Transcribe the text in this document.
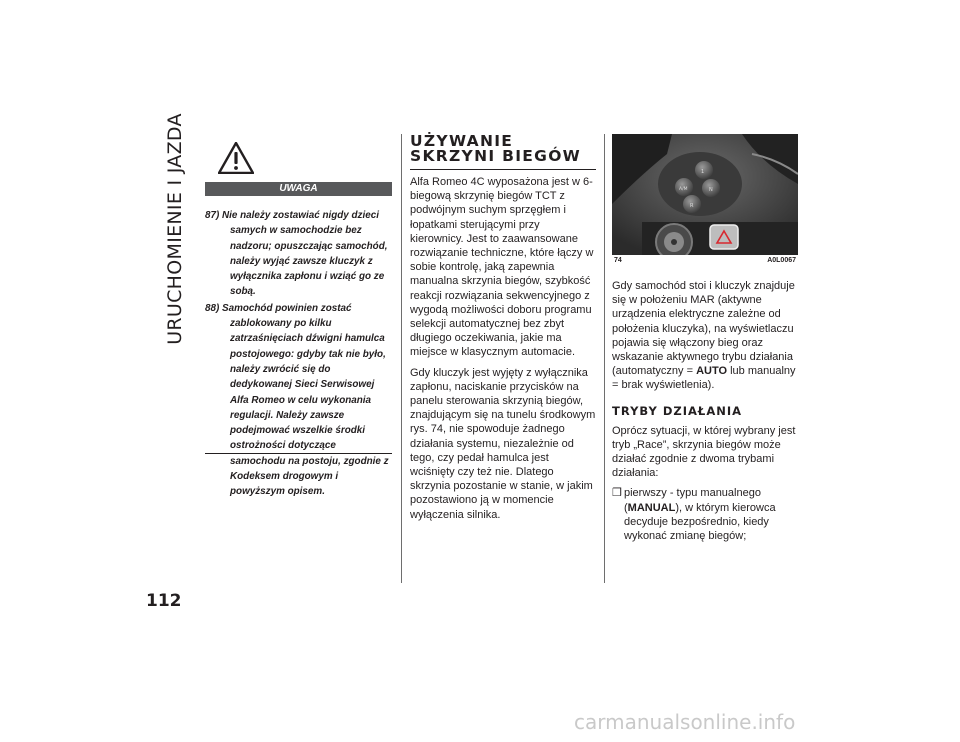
URUCHOMIENIE I JAZDA
112
UWAGA
87) Nie należy zostawiać nigdy dzieci samych w samochodzie bez nadzoru; opuszczając samochód, należy wyjąć zawsze kluczyk z wyłącznika zapłonu i wziąć go ze sobą.
88) Samochód powinien zostać zablokowany po kilku zatrzaśnięciach dźwigni hamulca postojowego: gdyby tak nie było, należy zwrócić się do dedykowanej Sieci Serwisowej Alfa Romeo w celu wykonania regulacji. Należy zawsze podejmować wszelkie środki ostrożności dotyczące samochodu na postoju, zgodnie z Kodeksem drogowym i powyższym opisem.
UŻYWANIE SKRZYNI BIEGÓW

Alfa Romeo 4C wyposażona jest w 6-biegową skrzynię biegów TCT z podwójnym suchym sprzęgłem i łopatkami sterującymi przy kierownicy. Jest to zaawansowane rozwiązanie techniczne, które łączy w sobie kontrolę, jaką zapewnia manualna skrzynia biegów, szybkość reakcji rozwiązania sekwencyjnego z wygodą możliwości doboru programu selekcji automatycznej bez zbyt długiego oczekiwania, jakie ma miejsce w klasycznym automacie.

Gdy kluczyk jest wyjęty z wyłącznika zapłonu, naciskanie przycisków na panelu sterowania skrzynią biegów, znajdującym się na tunelu środkowym rys. 74, nie spowoduje żadnego działania systemu, niezależnie od tego, czy pedał hamulca jest wciśnięty czy też nie. Dlatego skrzynia pozostanie w stanie, w jakim pozostawiono ją w momencie wyłączenia silnika.

1
A/M	N
R
74	A0L0067

Gdy samochód stoi i kluczyk znajduje się w położeniu MAR (aktywne urządzenia elektryczne zależne od położenia kluczyka), na wyświetlaczu pojawia się włączony bieg oraz wskazanie aktywnego trybu działania (automatyczny = AUTO lub manualny = brak wyświetlenia).

TRYBY DZIAŁANIA

Oprócz sytuacji, w której wybrany jest tryb „Race”, skrzynia biegów może działać zgodnie z dwoma trybami działania:

❒ pierwszy - typu manualnego (MANUAL), w którym kierowca decyduje bezpośrednio, kiedy wykonać zmianę biegów;
carmanualsonline.info
